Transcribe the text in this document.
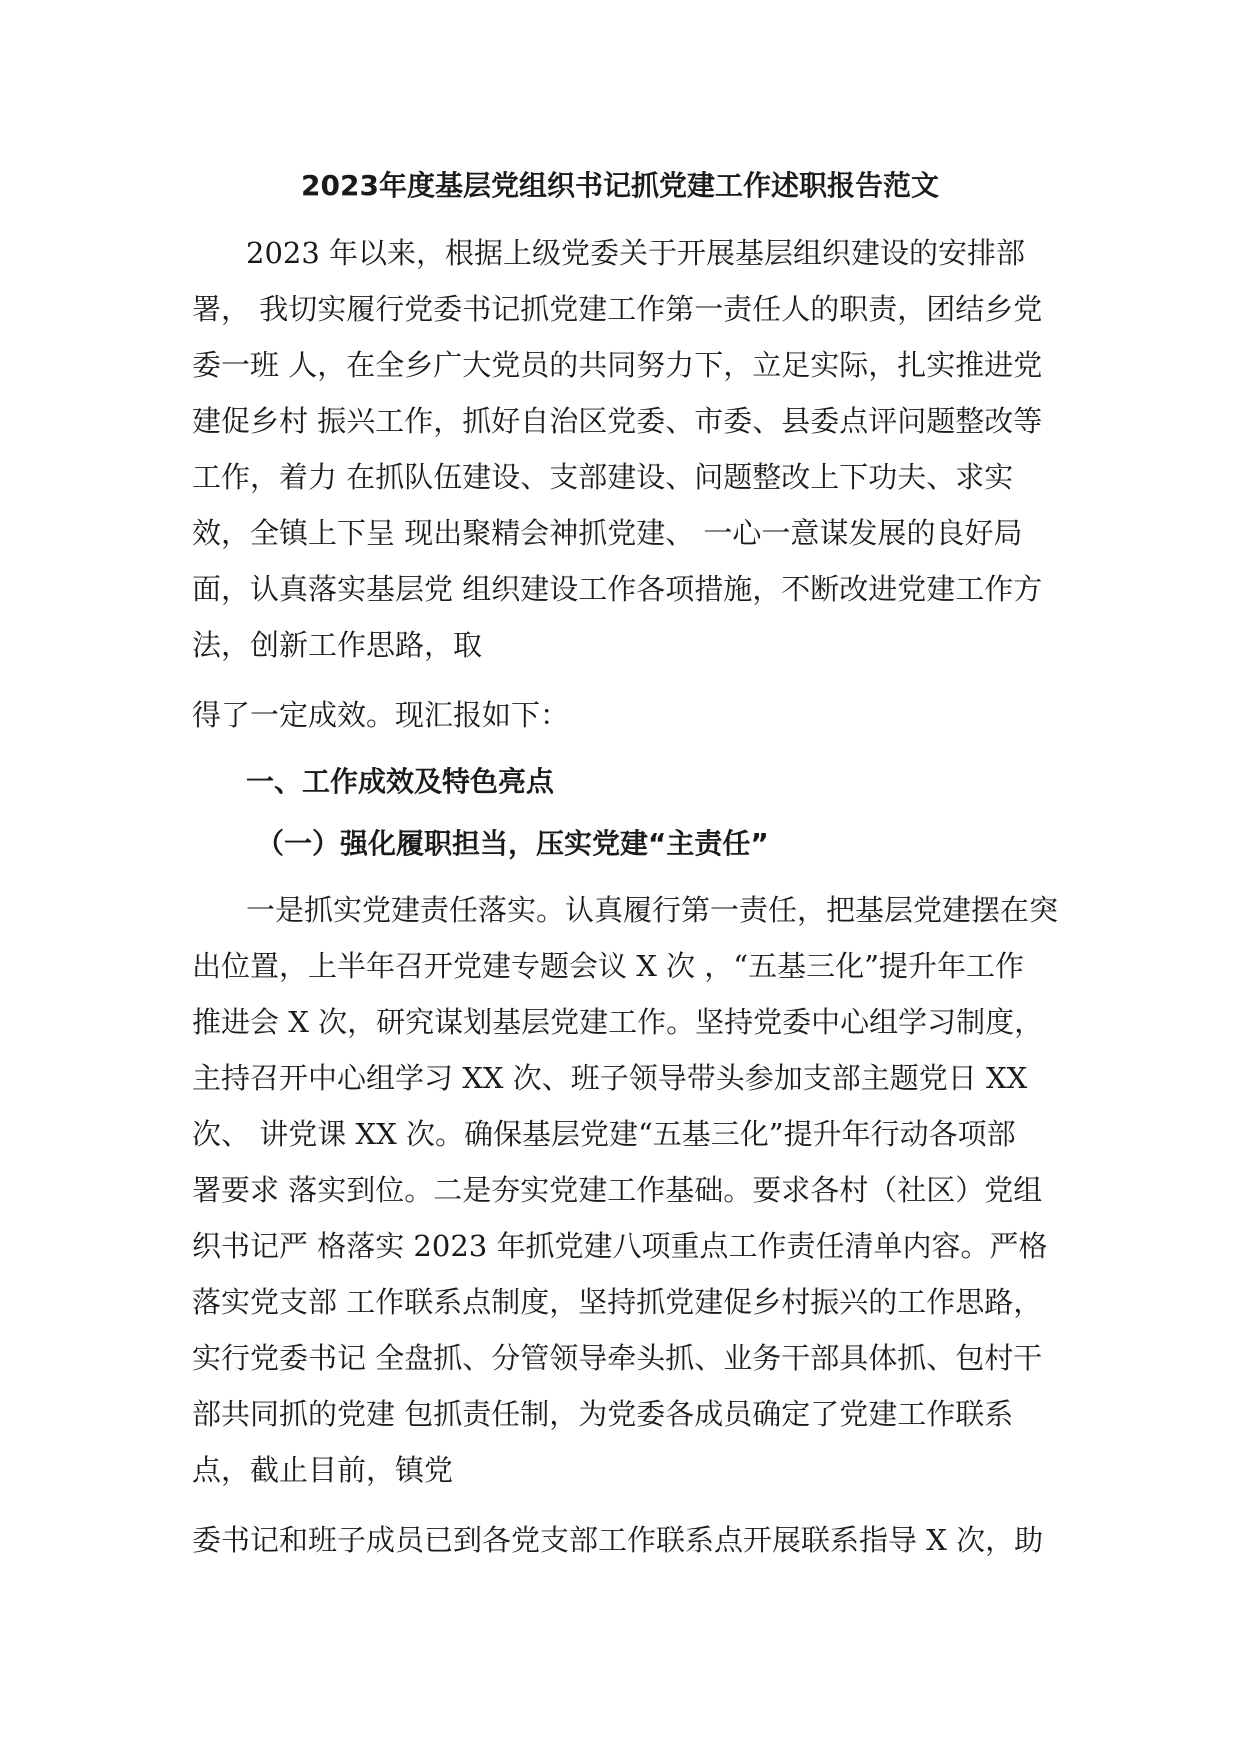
2023年度基层党组织书记抓党建工作述职报告范文
2023 年以来，根据上级党委关于开展基层组织建设的安排部
署， 我切实履行党委书记抓党建工作第一责任人的职责，团结乡党
委一班 人，在全乡广大党员的共同努力下，立足实际，扎实推进党
建促乡村 振兴工作，抓好自治区党委、市委、县委点评问题整改等
工作，着力 在抓队伍建设、支部建设、问题整改上下功夫、求实
效，全镇上下呈 现出聚精会神抓党建、 一心一意谋发展的良好局
面，认真落实基层党 组织建设工作各项措施，不断改进党建工作方
法，创新工作思路，取
得了一定成效。现汇报如下：
一、工作成效及特色亮点
（一）强化履职担当，压实党建“主责任”
一是抓实党建责任落实。认真履行第一责任，把基层党建摆在突
出位置，上半年召开党建专题会议 X 次 ，“五基三化”提升年工作
推进会 X 次，研究谋划基层党建工作。坚持党委中心组学习制度，
主持召开中心组学习 XX 次、班子领导带头参加支部主题党日 XX
次、 讲党课 XX 次。确保基层党建“五基三化”提升年行动各项部
署要求 落实到位。二是夯实党建工作基础。要求各村（社区）党组
织书记严 格落实 2023 年抓党建八项重点工作责任清单内容。严格
落实党支部 工作联系点制度，坚持抓党建促乡村振兴的工作思路，
实行党委书记 全盘抓、分管领导牵头抓、业务干部具体抓、包村干
部共同抓的党建 包抓责任制，为党委各成员确定了党建工作联系
点，截止目前，镇党
委书记和班子成员已到各党支部工作联系点开展联系指导 X 次，助
